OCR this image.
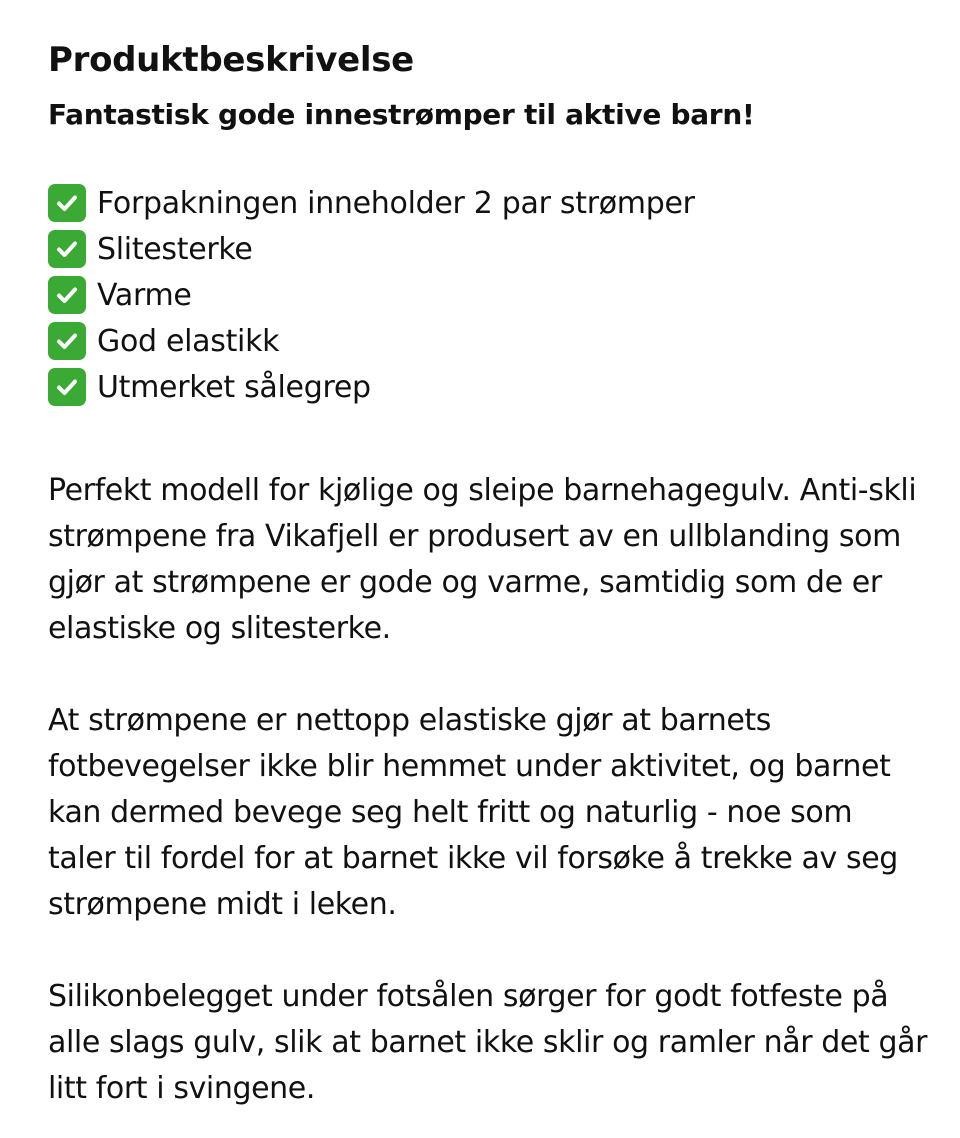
Produktbeskrivelse
Fantastisk gode innestrømper til aktive barn!
Forpakningen inneholder 2 par strømper
Slitesterke
Varme
God elastikk
Utmerket sålegrep

Perfekt modell for kjølige og sleipe barnehagegulv. Anti-skli strømpene fra Vikafjell er produsert av en ullblanding som gjør at strømpene er gode og varme, samtidig som de er elastiske og slitesterke.

At strømpene er nettopp elastiske gjør at barnets fotbevegelser ikke blir hemmet under aktivitet, og barnet kan dermed bevege seg helt fritt og naturlig - noe som taler til fordel for at barnet ikke vil forsøke å trekke av seg strømpene midt i leken.

Silikonbelegget under fotsålen sørger for godt fotfeste på alle slags gulv, slik at barnet ikke sklir og ramler når det går litt fort i svingene.
